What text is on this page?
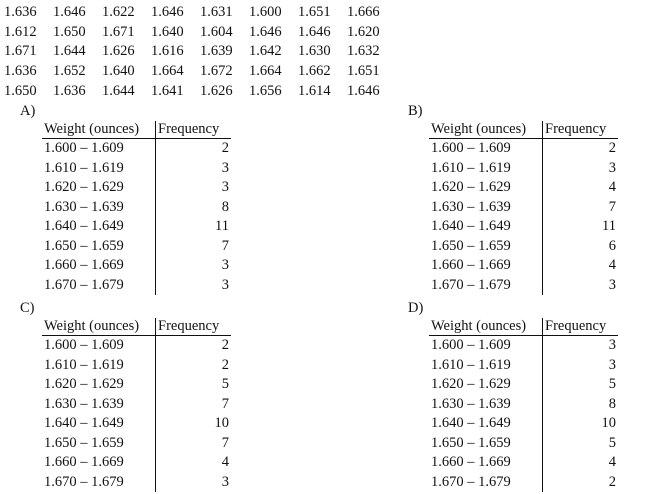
1.636	1.646	1.622	1.646	1.631	1.600	1.651	1.666
1.612	1.650	1.671	1.640	1.604	1.646	1.646	1.620
1.671	1.644	1.626	1.616	1.639	1.642	1.630	1.632
1.636	1.652	1.640	1.664	1.672	1.664	1.662	1.651
1.650	1.636	1.644	1.641	1.626	1.656	1.614	1.646
A)
Weight (ounces)	Frequency
1.600 – 1.609	2
1.610 – 1.619	3
1.620 – 1.629	3
1.630 – 1.639	8
1.640 – 1.649	11
1.650 – 1.659	7
1.660 – 1.669	3
1.670 – 1.679	3
B)
Weight (ounces)	Frequency
1.600 – 1.609	2
1.610 – 1.619	3
1.620 – 1.629	4
1.630 – 1.639	7
1.640 – 1.649	11
1.650 – 1.659	6
1.660 – 1.669	4
1.670 – 1.679	3
C)
Weight (ounces)	Frequency
1.600 – 1.609	2
1.610 – 1.619	2
1.620 – 1.629	5
1.630 – 1.639	7
1.640 – 1.649	10
1.650 – 1.659	7
1.660 – 1.669	4
1.670 – 1.679	3
D)
Weight (ounces)	Frequency
1.600 – 1.609	3
1.610 – 1.619	3
1.620 – 1.629	5
1.630 – 1.639	8
1.640 – 1.649	10
1.650 – 1.659	5
1.660 – 1.669	4
1.670 – 1.679	2
